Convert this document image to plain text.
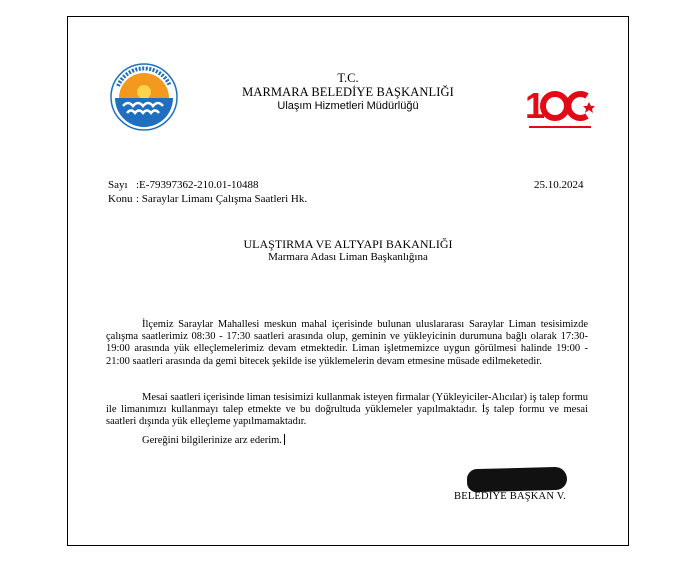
1
T.C.
MARMARA BELEDİYE BAŞKANLIĞI
Ulaşım Hizmetleri Müdürlüğü
Sayı :E-79397362-210.01-10488
Konu : Saraylar Limanı Çalışma Saatleri Hk.
25.10.2024
ULAŞTIRMA VE ALTYAPI BAKANLIĞI
Marmara Adası Liman Başkanlığına
İlçemiz Saraylar Mahallesi meskun mahal içerisinde bulunan uluslararası Saraylar Liman tesisimizde çalışma saatlerimiz 08:30 - 17:30 saatleri arasında olup, geminin ve yükleyicinin durumuna bağlı olarak 17:30-19:00 arasında yük elleçlemelerimiz devam etmektedir. Liman işletmemizce uygun görülmesi halinde 19:00 - 21:00 saatleri arasında da gemi bitecek şekilde ise yüklemelerin devam etmesine müsade edilmeketedir.
Mesai saatleri içerisinde liman tesisimizi kullanmak isteyen firmalar (Yükleyiciler-Alıcılar) iş talep formu ile limanımızı kullanmayı talep etmekte ve bu doğrultuda yüklemeler yapılmaktadır. İş talep formu ve mesai saatleri dışında yük elleçleme yapılmamaktadır.
Gereğini bilgilerinize arz ederim.
BELEDİYE BAŞKAN V.
